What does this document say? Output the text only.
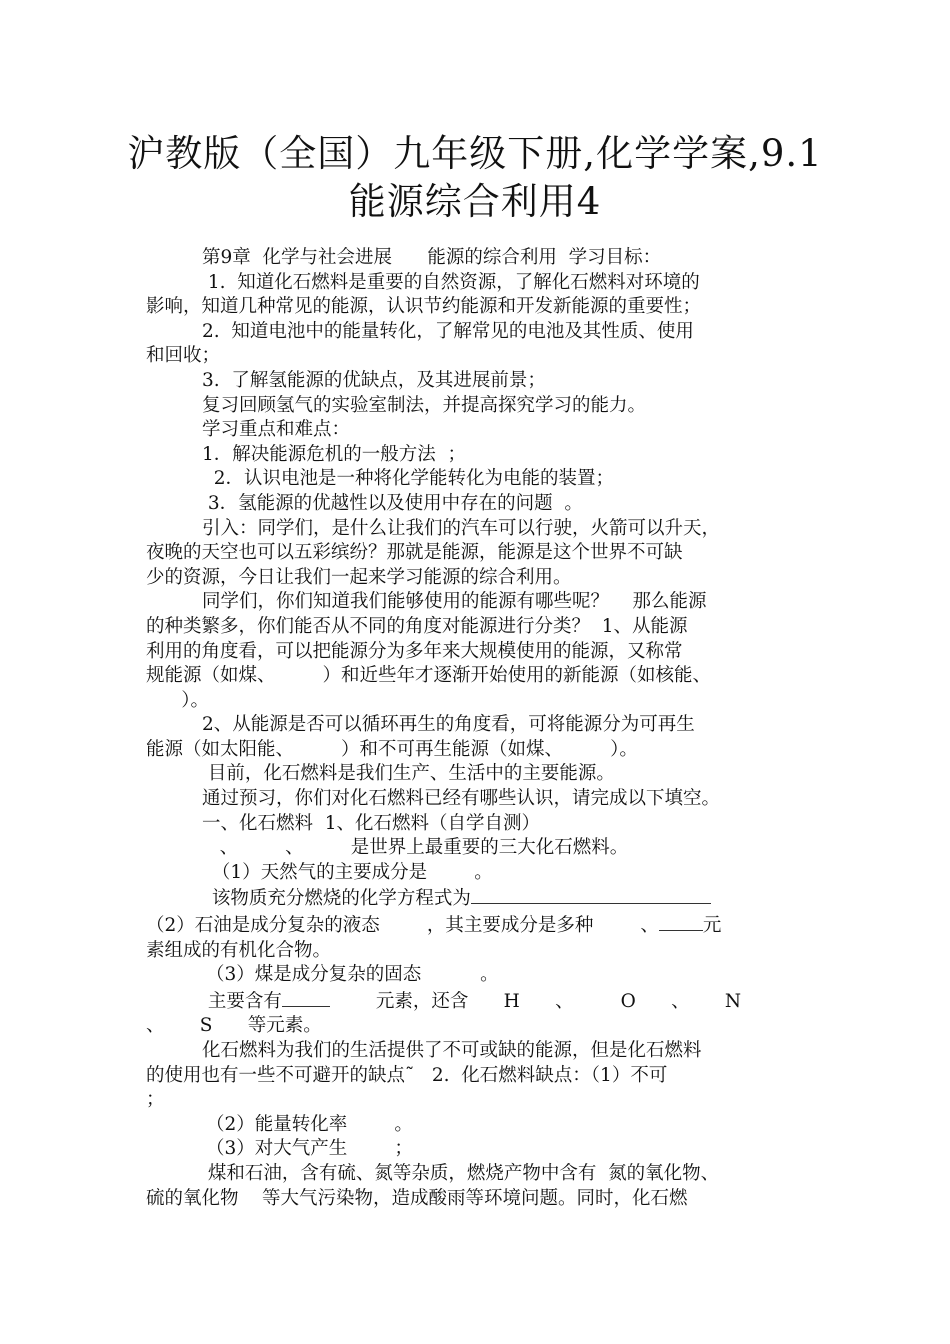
沪教版（全国）九年级下册,化学学案,9.1
能源综合利用4

第9章  化学与社会进展      能源的综合利用  学习目标：

1.  知道化石燃料是重要的自然资源，了解化石燃料对环境的

影响，知道几种常见的能源，认识节约能源和开发新能源的重要性；

2.  知道电池中的能量转化，了解常见的电池及其性质、使用

和回收；

3.  了解氢能源的优缺点，及其进展前景；

复习回顾氢气的实验室制法，并提高探究学习的能力。

学习重点和难点：

1．解决能源危机的一般方法  ；

2．认识电池是一种将化学能转化为电能的装置；

3．氢能源的优越性以及使用中存在的问题  。

引入：同学们，是什么让我们的汽车可以行驶，火箭可以升天，

夜晚的天空也可以五彩缤纷？那就是能源，能源是这个世界不可缺

少的资源，今日让我们一起来学习能源的综合利用。

同学们，你们知道我们能够使用的能源有哪些呢？    那么能源

的种类繁多，你们能否从不同的角度对能源进行分类？  1、从能源

利用的角度看，可以把能源分为多年来大规模使用的能源，又称常

规能源（如煤、        ）和近些年才逐渐开始使用的新能源（如核能、

）。

2、从能源是否可以循环再生的角度看，可将能源分为可再生

能源（如太阳能、        ）和不可再生能源（如煤、        ）。

目前，化石燃料是我们生产、生活中的主要能源。

通过预习，你们对化石燃料已经有哪些认识，请完成以下填空。

一、化石燃料  1、化石燃料（自学自测）

、        、        是世界上最重要的三大化石燃料。

（1）天然气的主要成分是        。

该物质充分燃烧的化学方程式为

（2）石油是成分复杂的液态        ，其主要成分是多种        、 元

素组成的有机化合物。

（3）煤是成分复杂的固态          。

主要含有	元素，还含      H      、        O      、      N

、      S      等元素。

化石燃料为我们的生活提供了不可或缺的能源，但是化石燃料

的使用也有一些不可避开的缺点˜   2.  化石燃料缺点：（1）不可

；

（2）能量转化率        。

（3）对大气产生        ；

煤和石油，含有硫、氮等杂质，燃烧产物中含有  氮的氧化物、

硫的氧化物    等大气污染物，造成酸雨等环境问题。同时，化石燃
